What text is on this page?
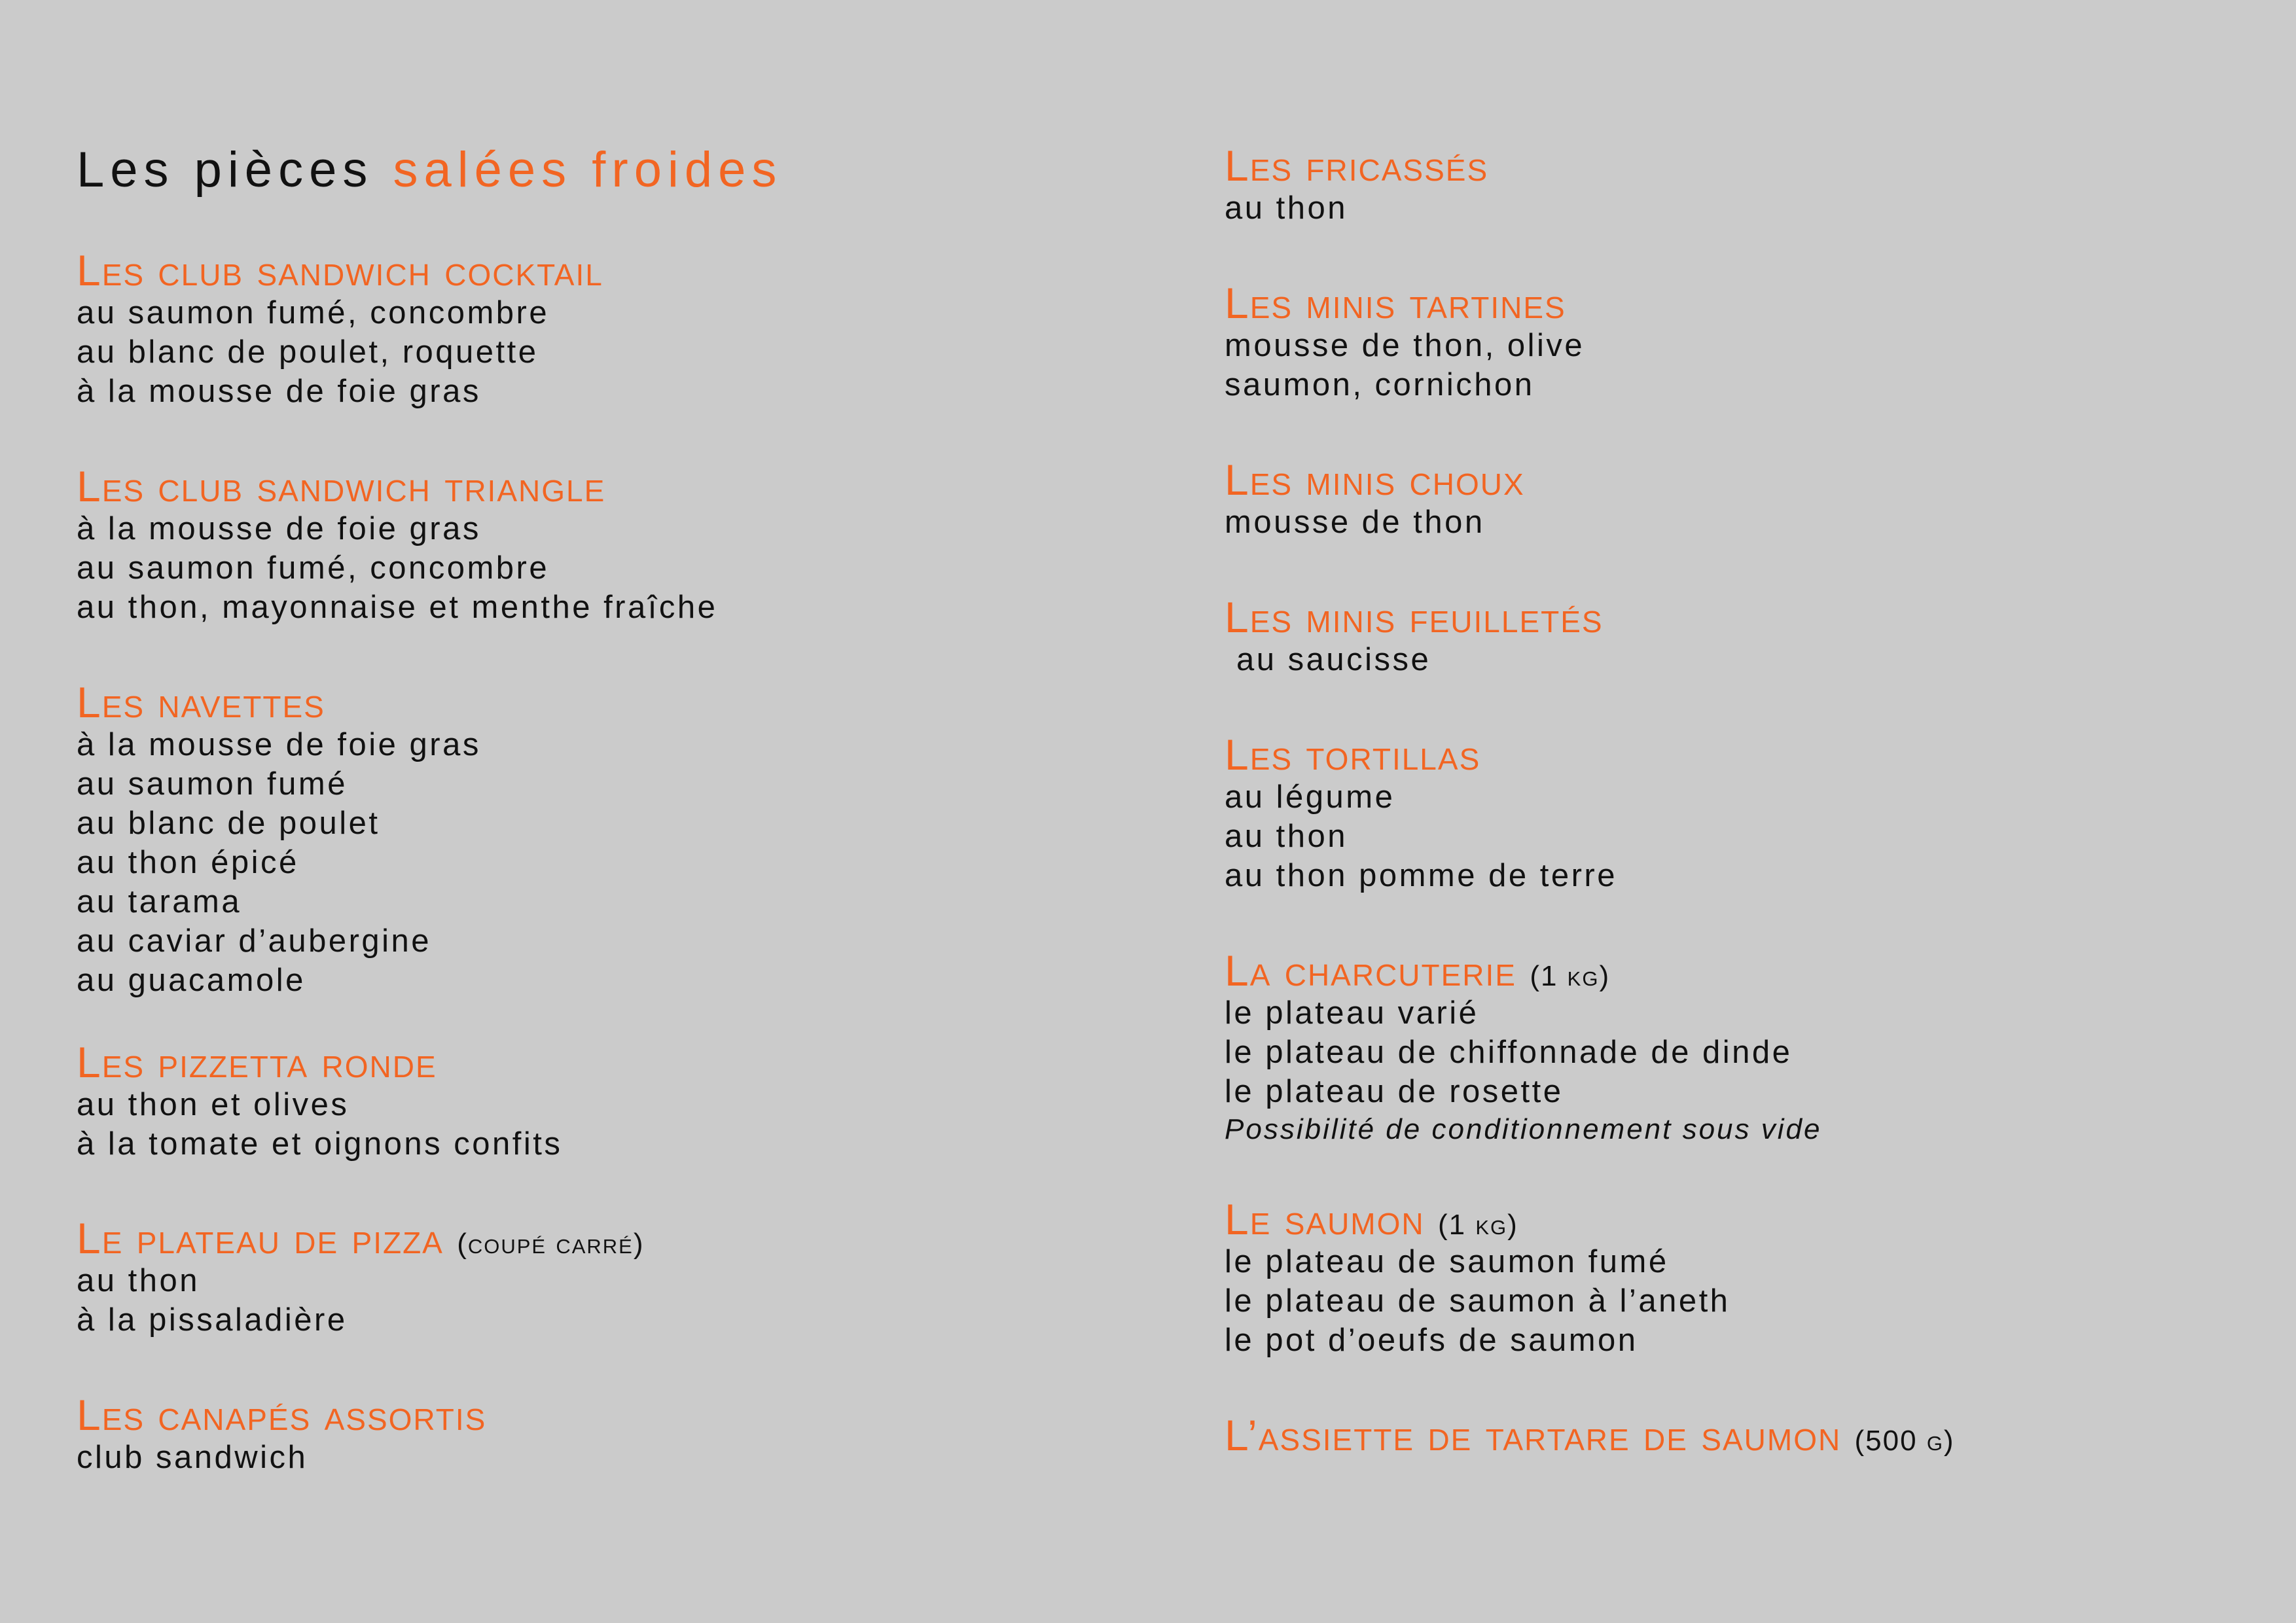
Les pièces salées froides
Les club sandwich cocktail
au saumon fumé, concombre
au blanc de poulet, roquette
à la mousse de foie gras
Les club sandwich triangle
à la mousse de foie gras
au saumon fumé, concombre
au thon, mayonnaise et menthe fraîche
Les navettes
à la mousse de foie gras
au saumon fumé
au blanc de poulet
au thon épicé
au tarama
au caviar d’aubergine
au guacamole
Les pizzetta ronde
au thon et olives
à la tomate et oignons confits
Le plateau de pizza (coupé carré)
au thon
à la pissaladière
Les canapés assortis
club sandwich
Les fricassés
au thon
Les minis tartines
mousse de thon, olive
saumon, cornichon
Les minis choux
mousse de thon
Les minis feuilletés
au saucisse
Les tortillas
au légume
au thon
au thon pomme de terre
La charcuterie (1 kg)
le plateau varié
le plateau de chiffonnade de dinde
le plateau de rosette
Possibilité de conditionnement sous vide
Le saumon (1 kg)
le plateau de saumon fumé
le plateau de saumon à l’aneth
le pot d’oeufs de saumon
L’assiette de tartare de saumon (500 g)
